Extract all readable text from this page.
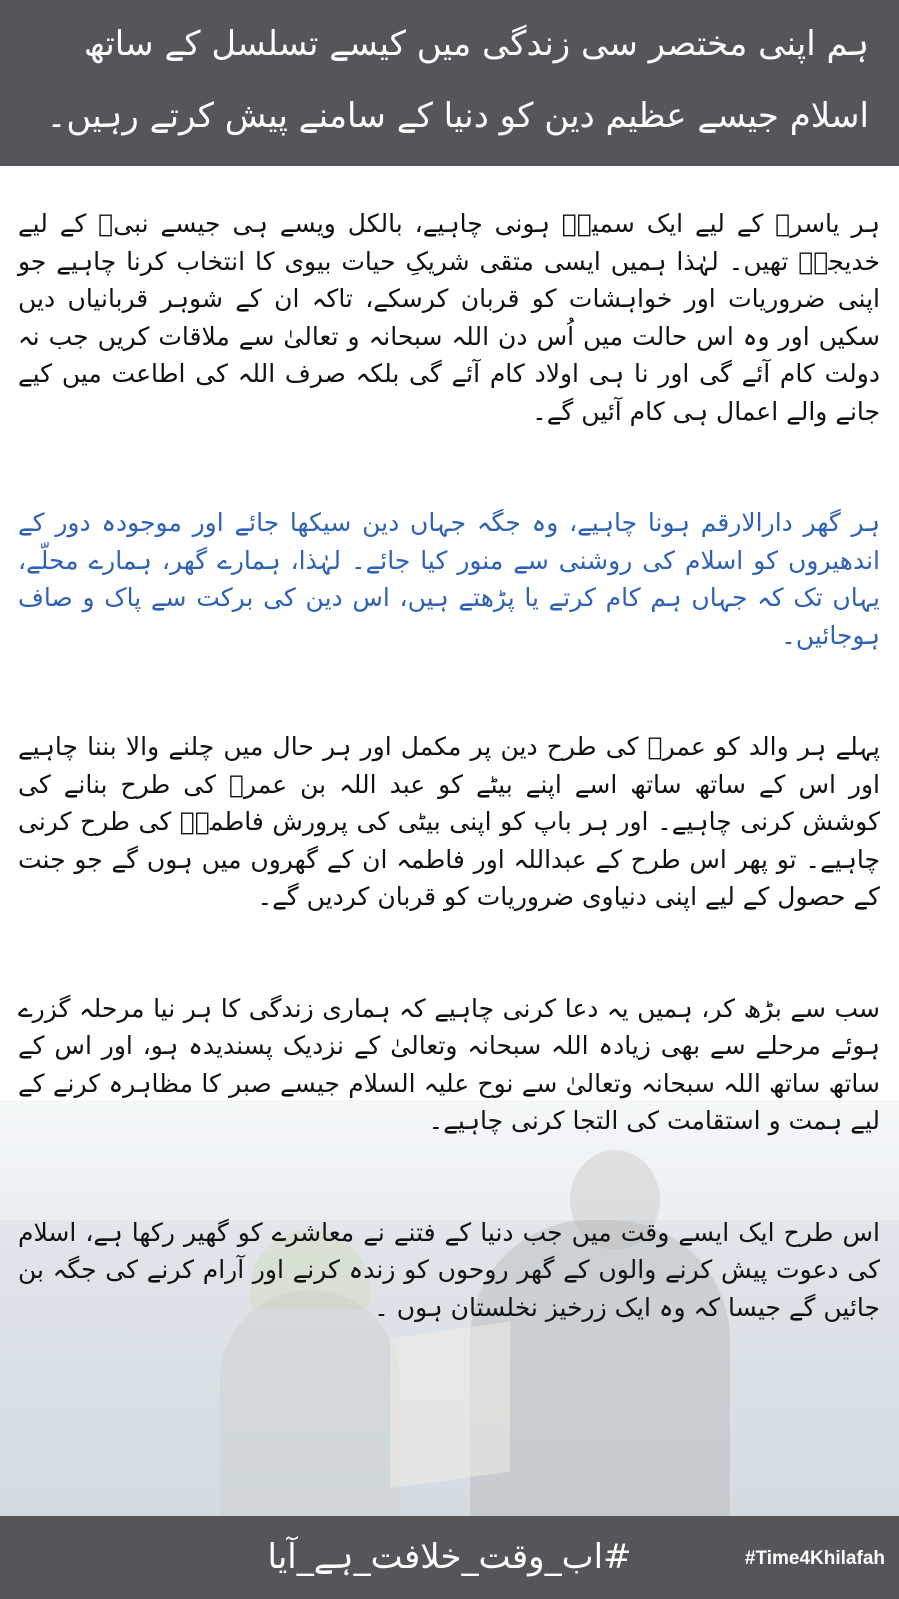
ہم اپنی مختصر سی زندگی میں کیسے تسلسل کے ساتھ اسلام جیسے عظیم دین کو دنیا کے سامنے پیش کرتے رہیں۔

ہر یاسرؓ کے لیے ایک سمیہؓ ہونی چاہیے، بالکل ویسے ہی جیسے نبیﷺ کے لیے خدیجہؓ تھیں۔ لہٰذا ہمیں ایسی متقی شریکِ حیات بیوی کا انتخاب کرنا چاہیے جو اپنی ضروریات اور خواہشات کو قربان کرسکے، تاکہ ان کے شوہر قربانیاں دیں سکیں اور وہ اس حالت میں اُس دن اللہ سبحانہ و تعالیٰ سے ملاقات کریں جب نہ دولت کام آئے گی اور نا ہی اولاد کام آئے گی بلکہ صرف اللہ کی اطاعت میں کیے جانے والے اعمال ہی کام آئیں گے۔

ہر گھر دارالارقم ہونا چاہیے، وہ جگہ جہاں دین سیکھا جائے اور موجودہ دور کے اندھیروں کو اسلام کی روشنی سے منور کیا جائے۔ لہٰذا، ہمارے گھر، ہمارے محلّے، یہاں تک کہ جہاں ہم کام کرتے یا پڑھتے ہیں، اس دین کی برکت سے پاک و صاف ہوجائیں۔

پہلے ہر والد کو عمرؓ کی طرح دین پر مکمل اور ہر حال میں چلنے والا بننا چاہیے اور اس کے ساتھ ساتھ اسے اپنے بیٹے کو عبد اللہ بن عمرؓ کی طرح بنانے کی کوشش کرنی چاہیے۔ اور ہر باپ کو اپنی بیٹی کی پرورش فاطمہؓ کی طرح کرنی چاہیے۔ تو پھر اس طرح کے عبداللہ اور فاطمہ ان کے گھروں میں ہوں گے جو جنت کے حصول کے لیے اپنی دنیاوی ضروریات کو قربان کردیں گے۔

سب سے بڑھ کر، ہمیں یہ دعا کرنی چاہیے کہ ہماری زندگی کا ہر نیا مرحلہ گزرے ہوئے مرحلے سے بھی زیادہ اللہ سبحانہ وتعالیٰ کے نزدیک پسندیدہ ہو، اور اس کے ساتھ ساتھ اللہ سبحانہ وتعالیٰ سے نوح علیہ السلام جیسے صبر کا مظاہرہ کرنے کے لیے ہمت و استقامت کی التجا کرنی چاہیے۔

اس طرح ایک ایسے وقت میں جب دنیا کے فتنے نے معاشرے کو گھیر رکھا ہے، اسلام کی دعوت پیش کرنے والوں کے گھر روحوں کو زندہ کرنے اور آرام کرنے کی جگہ بن جائیں گے جیسا کہ وہ ایک زرخیز نخلستان ہوں ۔

#اب_وقت_خلافت_ہے_آیا	#Time4Khilafah
